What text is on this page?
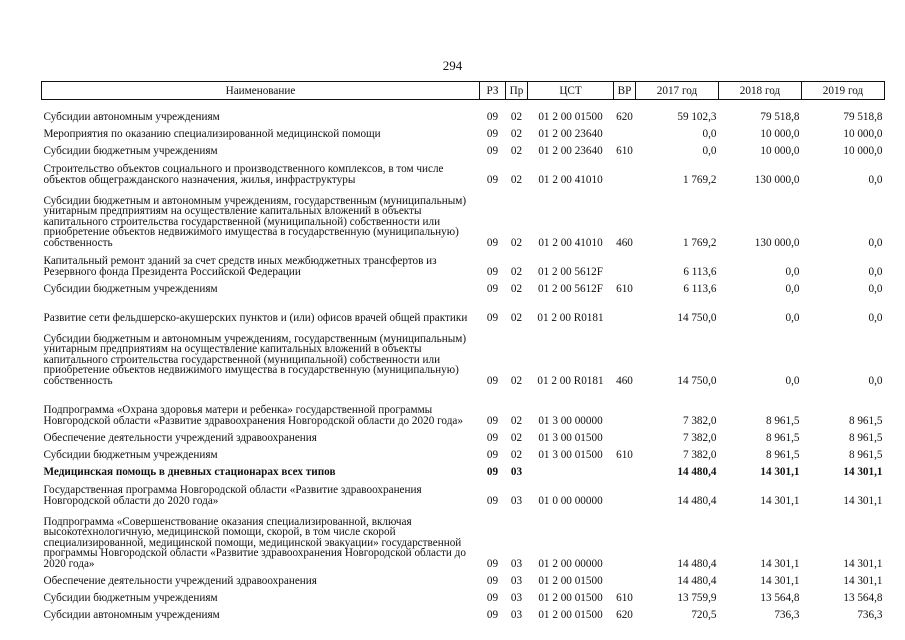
294
Наименование	РЗ	Пр	ЦСТ	ВР	2017 год	2018 год	2019 год

Субсидии автономным учреждениям	09	02	01 2 00 01500	620	59 102,3	79 518,8	79 518,8
Мероприятия по оказанию специализированной медицинской помощи	09	02	01 2 00 23640		0,0	10 000,0	10 000,0
Субсидии бюджетным учреждениям	09	02	01 2 00 23640	610	0,0	10 000,0	10 000,0
Строительство объектов социального и производственного комплексов, в том числе объектов общегражданского назначения, жилья, инфраструктуры	09	02	01 2 00 41010		1 769,2	130 000,0	0,0
Субсидии бюджетным и автономным учреждениям, государственным (муниципальным) унитарным предприятиям на осуществление капитальных вложений в объекты капитального строительства государственной (муниципальной) собственности или приобретение объектов недвижимого имущества в государственную (муниципальную) собственность	09	02	01 2 00 41010	460	1 769,2	130 000,0	0,0
Капитальный ремонт зданий за счет средств иных межбюджетных трансфертов из Резервного фонда Президента Российской Федерации	09	02	01 2 00 5612F		6 113,6	0,0	0,0
Субсидии бюджетным учреждениям	09	02	01 2 00 5612F	610	6 113,6	0,0	0,0
Развитие сети фельдшерско-акушерских пунктов и (или) офисов врачей общей практики	09	02	01 2 00 R0181		14 750,0	0,0	0,0
Субсидии бюджетным и автономным учреждениям, государственным (муниципальным) унитарным предприятиям на осуществление капитальных вложений в объекты капитального строительства государственной (муниципальной) собственности или приобретение объектов недвижимого имущества в государственную (муниципальную) собственность	09	02	01 2 00 R0181	460	14 750,0	0,0	0,0
Подпрограмма «Охрана здоровья матери и ребенка» государственной программы Новгородской области «Развитие здравоохранения Новгородской области до 2020 года»	09	02	01 3 00 00000		7 382,0	8 961,5	8 961,5
Обеспечение деятельности учреждений здравоохранения	09	02	01 3 00 01500		7 382,0	8 961,5	8 961,5
Субсидии бюджетным учреждениям	09	02	01 3 00 01500	610	7 382,0	8 961,5	8 961,5
Медицинская помощь в дневных стационарах всех типов	09	03			14 480,4	14 301,1	14 301,1
Государственная программа Новгородской области «Развитие здравоохранения Новгородской области до 2020 года»	09	03	01 0 00 00000		14 480,4	14 301,1	14 301,1
Подпрограмма «Совершенствование оказания специализированной, включая высокотехнологичную, медицинской помощи, скорой, в том числе скорой специализированной, медицинской помощи, медицинской эвакуации» государственной программы Новгородской области «Развитие здравоохранения Новгородской области до 2020 года»	09	03	01 2 00 00000		14 480,4	14 301,1	14 301,1
Обеспечение деятельности учреждений здравоохранения	09	03	01 2 00 01500		14 480,4	14 301,1	14 301,1
Субсидии бюджетным учреждениям	09	03	01 2 00 01500	610	13 759,9	13 564,8	13 564,8
Субсидии автономным учреждениям	09	03	01 2 00 01500	620	720,5	736,3	736,3
